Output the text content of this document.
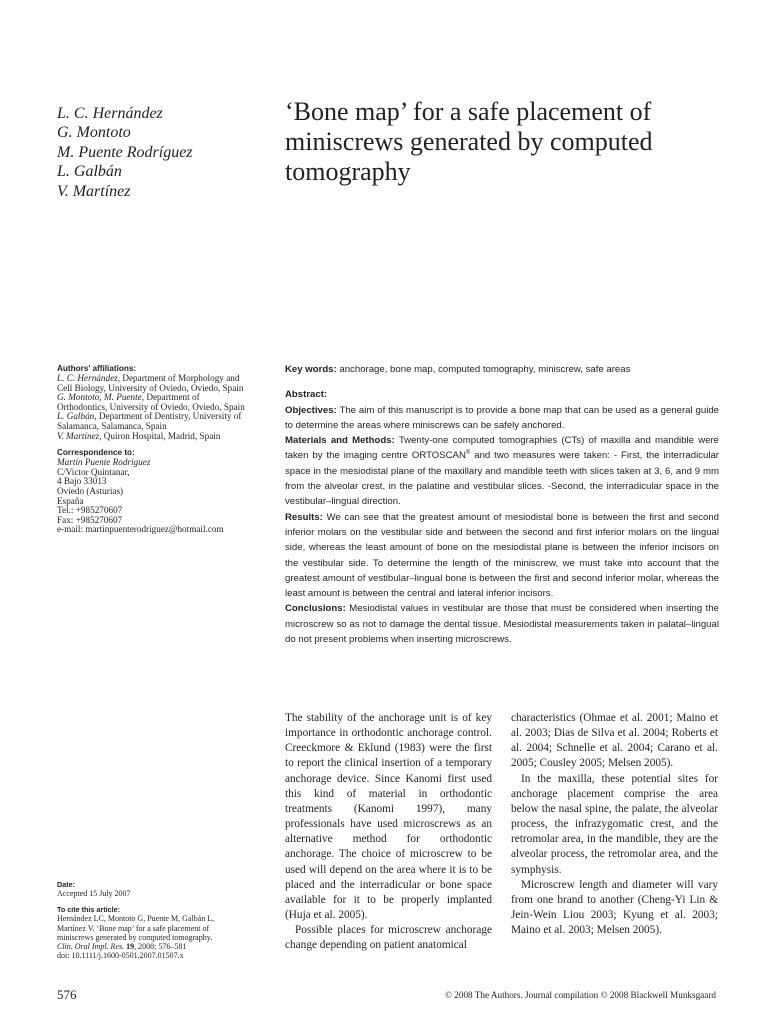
L. C. Hernández
G. Montoto
M. Puente Rodríguez
L. Galbán
V. Martínez
‘Bone map’ for a safe placement of miniscrews generated by computed tomography
Authors’ affiliations:
L. C. Hernández, Department of Morphology and
Cell Biology, University of Oviedo, Oviedo, Spain
G. Montoto, M. Puente, Department of
Orthodontics, University of Oviedo, Oviedo, Spain
L. Galbán, Department of Dentistry, University of
Salamanca, Salamanca, Spain
V. Martínez, Quiron Hospital, Madrid, Spain
Correspondence to:
Martín Puente Rodríguez
C/Victor Quintanar,
4 Bajo 33013
Oviedo (Asturias)
España
Tel.: +985270607
Fax: +985270607
e-mail: martinpuenterodriguez@hotmail.com
Date:
Accepted 15 July 2007
To cite this article:
Hernández LC, Montoto G, Puente M, Galbán L,
Martínez V. ‘Bone map’ for a safe placement of
miniscrews generated by computed tomography.
Clin. Oral Impl. Res. 19, 2008; 576–581
doi: 10.1111/j.1600-0501.2007.01507.x

Key words: anchorage, bone map, computed tomography, miniscrew, safe areas

Abstract:

Objectives: The aim of this manuscript is to provide a bone map that can be used as a general guide to determine the areas where miniscrews can be safely anchored.

Materials and Methods: Twenty-one computed tomographies (CTs) of maxilla and mandible were taken by the imaging centre ORTOSCAN® and two measures were taken: - First, the interradicular space in the mesiodistal plane of the maxillary and mandible teeth with slices taken at 3, 6, and 9 mm from the alveolar crest, in the palatine and vestibular slices. -Second, the interradicular space in the vestibular–lingual direction.

Results: We can see that the greatest amount of mesiodistal bone is between the first and second inferior molars on the vestibular side and between the second and first inferior molars on the lingual side, whereas the least amount of bone on the mesiodistal plane is between the inferior incisors on the vestibular side. To determine the length of the miniscrew, we must take into account that the greatest amount of vestibular–lingual bone is between the first and second inferior molar, whereas the least amount is between the central and lateral inferior incisors.

Conclusions: Mesiodistal values in vestibular are those that must be considered when inserting the microscrew so as not to damage the dental tissue. Mesiodistal measurements taken in palatal–lingual do not present problems when inserting microscrews.

The stability of the anchorage unit is of key importance in orthodontic anchorage control. Creeckmore & Eklund (1983) were the first to report the clinical insertion of a temporary anchorage device. Since Kanomi first used this kind of material in orthodontic treatments (Kanomi 1997), many professionals have used microscrews as an alternative method for orthodontic anchorage. The choice of microscrew to be used will depend on the area where it is to be placed and the interradicular or bone space available for it to be properly implanted (Huja et al. 2005).

Possible places for microscrew anchorage change depending on patient anatomical

characteristics (Ohmae et al. 2001; Maino et al. 2003; Dias de Silva et al. 2004; Roberts et al. 2004; Schnelle et al. 2004; Carano et al. 2005; Cousley 2005; Melsen 2005).

In the maxilla, these potential sites for anchorage placement comprise the area below the nasal spine, the palate, the alveolar process, the infrazygomatic crest, and the retromolar area, in the mandible, they are the alveolar process, the retromolar area, and the symphysis.

Microscrew length and diameter will vary from one brand to another (Cheng-Yi Lin & Jein-Wein Liou 2003; Kyung et al. 2003; Maino et al. 2003; Melsen 2005).

576	© 2008 The Authors. Journal compilation © 2008 Blackwell Munksgaard
